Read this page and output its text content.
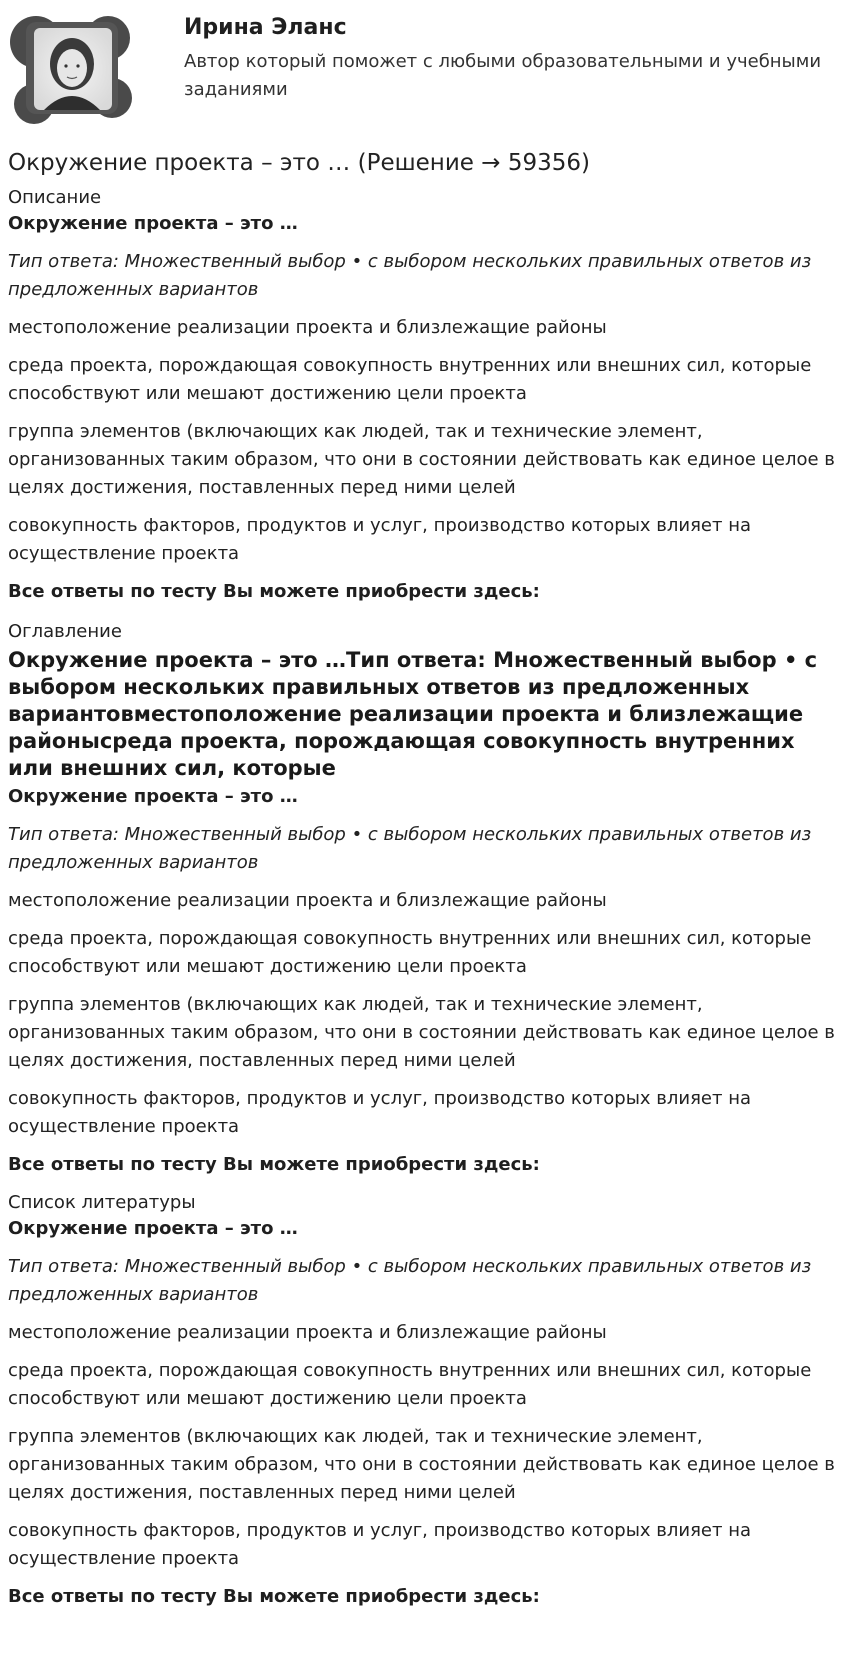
Ирина Эланс
Автор который поможет с любыми образовательными и учебными заданиями
Окружение проекта – это … (Решение → 59356)
Описание
Окружение проекта – это …
Тип ответа: Множественный выбор • с выбором нескольких правильных ответов из предложенных вариантов
местоположение реализации проекта и близлежащие районы
среда проекта, порождающая совокупность внутренних или внешних сил, которые способствуют или мешают достижению цели проекта
группа элементов (включающих как людей, так и технические элемент, организованных таким образом, что они в состоянии действовать как единое целое в целях достижения, поставленных перед ними целей
совокупность факторов, продуктов и услуг, производство которых влияет на осуществление проекта
Все ответы по тесту Вы можете приобрести здесь:
Оглавление
Окружение проекта – это …Тип ответа: Множественный выбор • с выбором нескольких правильных ответов из предложенных вариантовместоположение реализации проекта и близлежащие районысреда проекта, порождающая совокупность внутренних или внешних сил, которые
Окружение проекта – это …
Тип ответа: Множественный выбор • с выбором нескольких правильных ответов из предложенных вариантов
местоположение реализации проекта и близлежащие районы
среда проекта, порождающая совокупность внутренних или внешних сил, которые способствуют или мешают достижению цели проекта
группа элементов (включающих как людей, так и технические элемент, организованных таким образом, что они в состоянии действовать как единое целое в целях достижения, поставленных перед ними целей
совокупность факторов, продуктов и услуг, производство которых влияет на осуществление проекта
Все ответы по тесту Вы можете приобрести здесь:
Список литературы
Окружение проекта – это …
Тип ответа: Множественный выбор • с выбором нескольких правильных ответов из предложенных вариантов
местоположение реализации проекта и близлежащие районы
среда проекта, порождающая совокупность внутренних или внешних сил, которые способствуют или мешают достижению цели проекта
группа элементов (включающих как людей, так и технические элемент, организованных таким образом, что они в состоянии действовать как единое целое в целях достижения, поставленных перед ними целей
совокупность факторов, продуктов и услуг, производство которых влияет на осуществление проекта
Все ответы по тесту Вы можете приобрести здесь:
